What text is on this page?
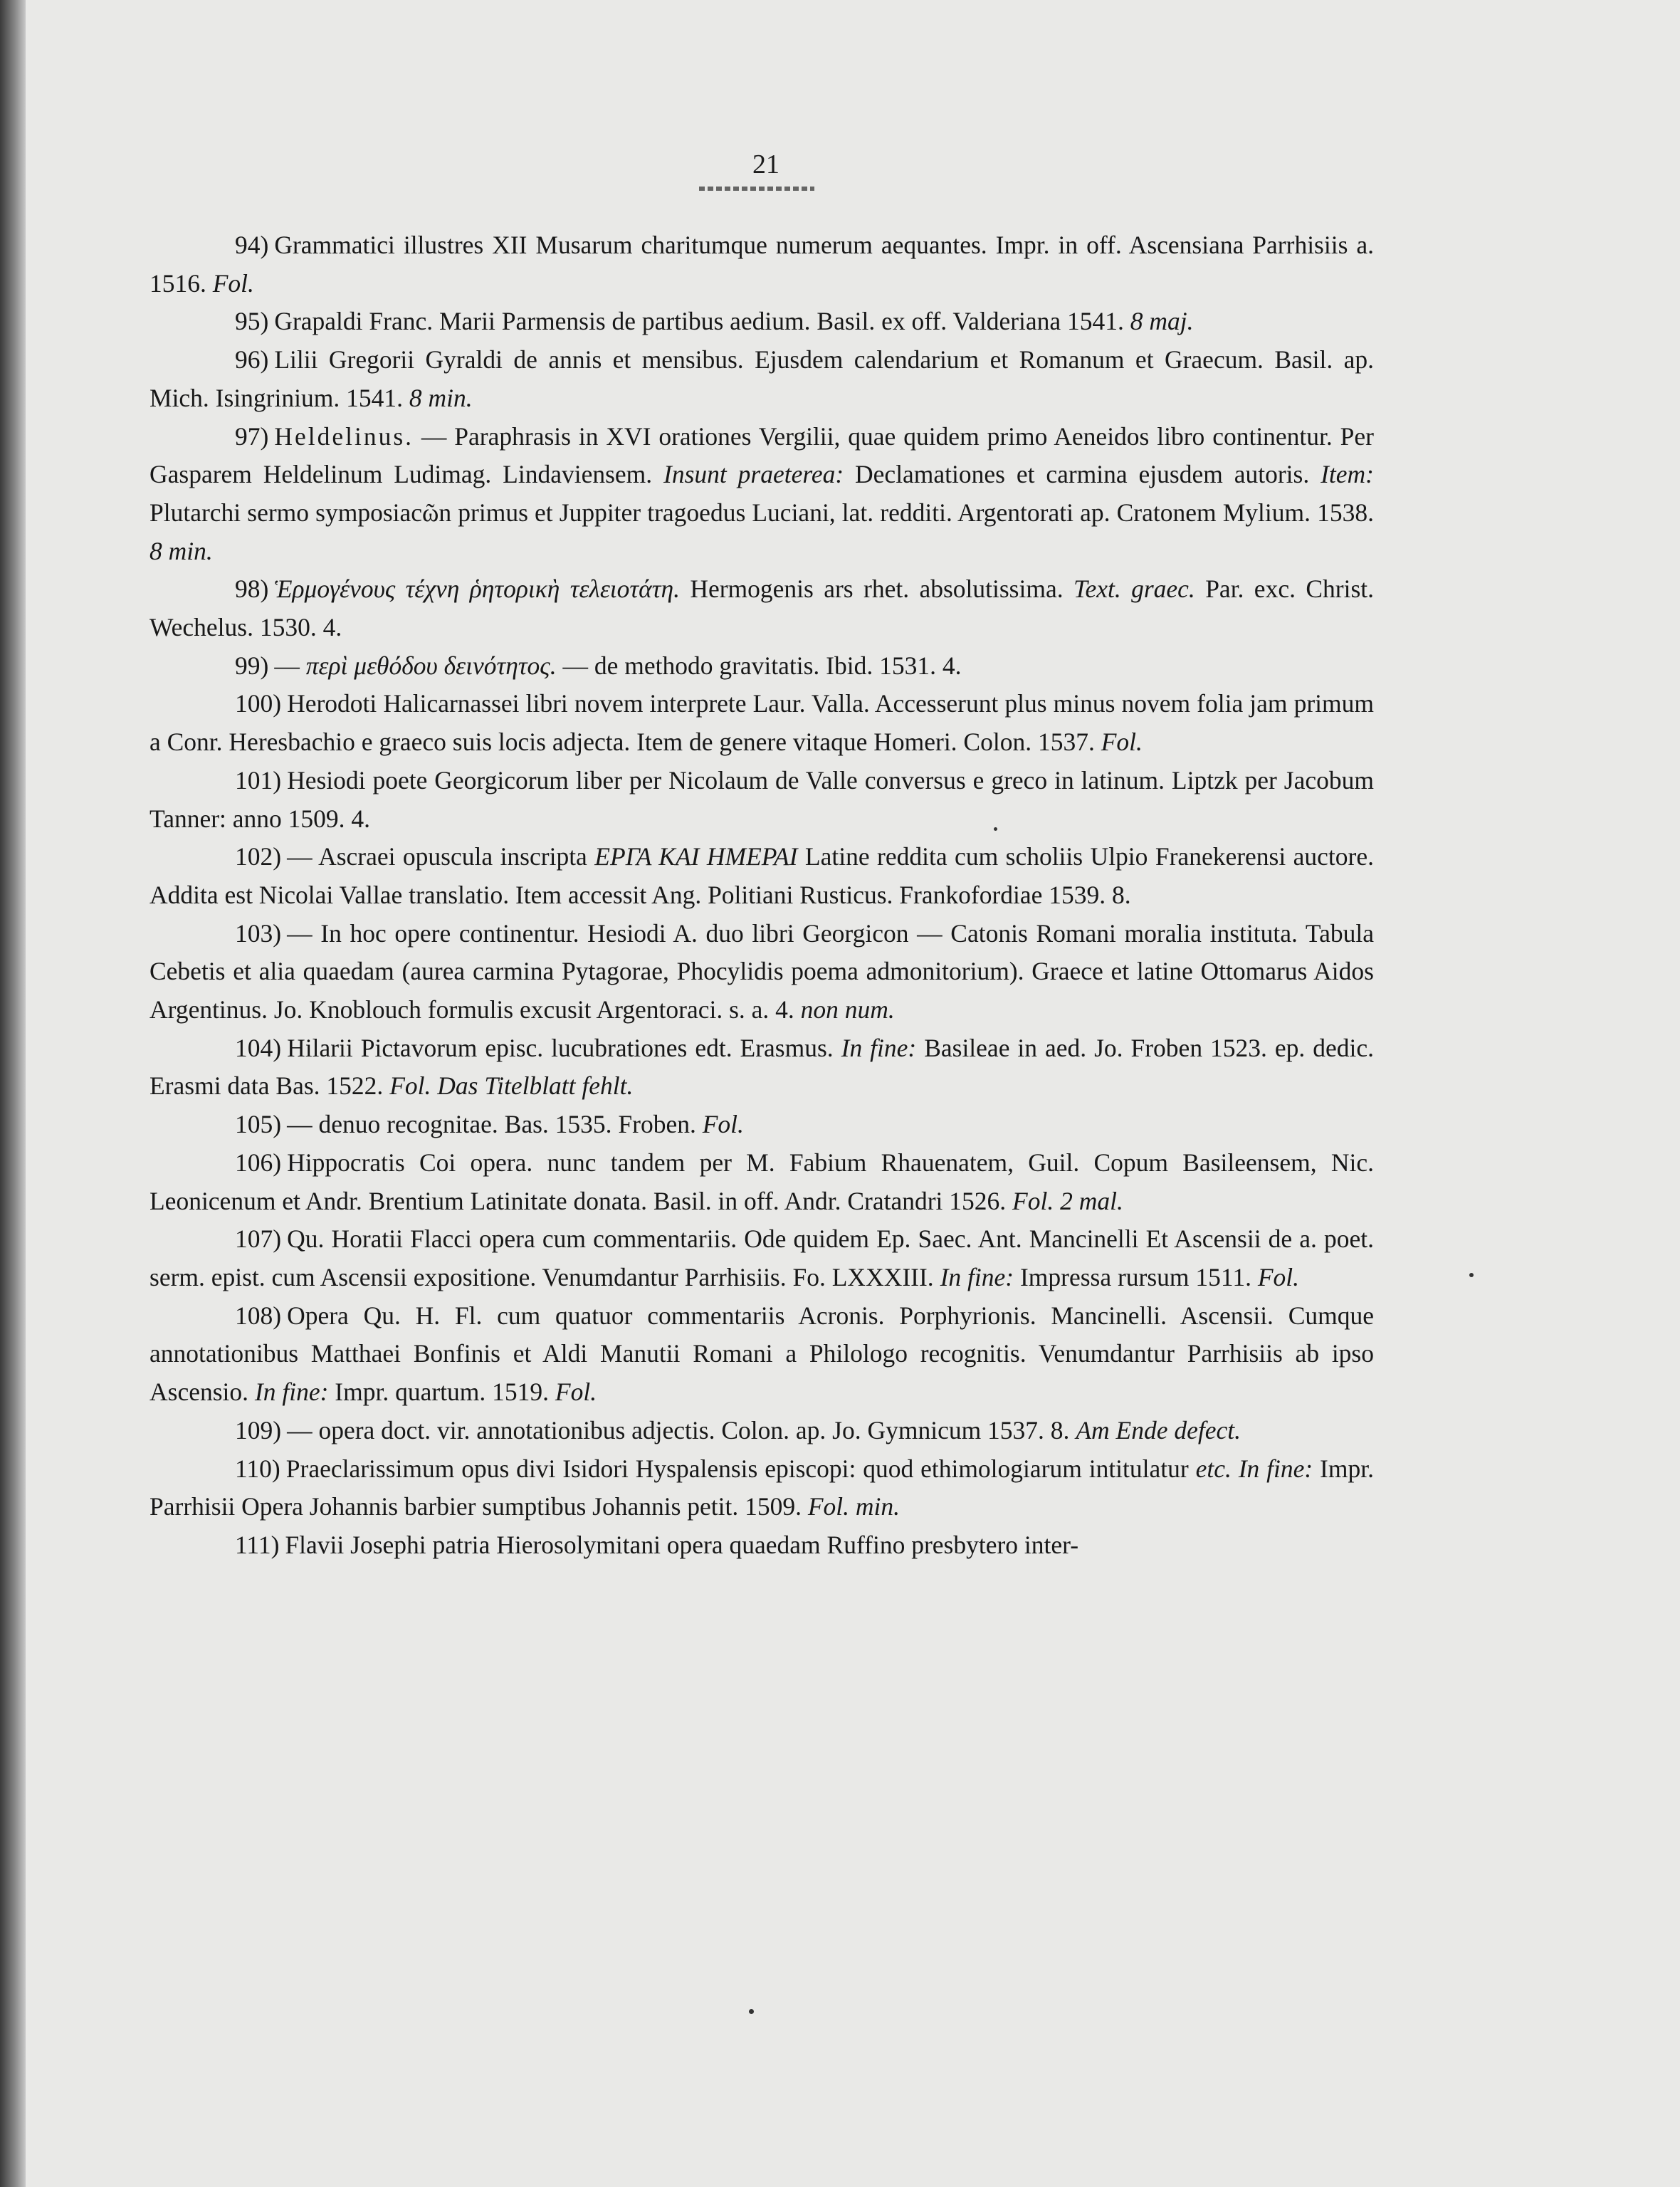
21

94) Grammatici illustres XII Musarum charitumque numerum aequantes. Impr. in off. Ascensiana Parrhisiis a. 1516. Fol.

95) Grapaldi Franc. Marii Parmensis de partibus aedium. Basil. ex off. Valderiana 1541. 8 maj.

96) Lilii Gregorii Gyraldi de annis et mensibus. Ejusdem calendarium et Romanum et Graecum. Basil. ap. Mich. Isingrinium. 1541. 8 min.

97) Heldelinus. — Paraphrasis in XVI orationes Vergilii, quae quidem primo Aeneidos libro continentur. Per Gasparem Heldelinum Ludimag. Lindaviensem. Insunt praeterea: Declamationes et carmina ejusdem autoris. Item: Plutarchi sermo symposiacῶn primus et Juppiter tragoedus Luciani, lat. redditi. Argentorati ap. Cratonem Mylium. 1538. 8 min.

98) Ἑρμογένους τέχνη ῥητορικὴ τελειοτάτη. Hermogenis ars rhet. absolutissima. Text. graec. Par. exc. Christ. Wechelus. 1530. 4.

99) — περὶ μεθόδου δεινότητος. — de methodo gravitatis. Ibid. 1531. 4.

100) Herodoti Halicarnassei libri novem interprete Laur. Valla. Accesserunt plus minus novem folia jam primum a Conr. Heresbachio e graeco suis locis adjecta. Item de genere vitaque Homeri. Colon. 1537. Fol.

101) Hesiodi poete Georgicorum liber per Nicolaum de Valle conversus e greco in latinum. Liptzk per Jacobum Tanner: anno 1509. 4.

102) — Ascraei opuscula inscripta ΕΡΓΑ ΚΑΙ ΗΜΕΡΑΙ Latine reddita cum scholiis Ulpio Franekerensi auctore. Addita est Nicolai Vallae translatio. Item accessit Ang. Politiani Rusticus. Frankofordiae 1539. 8.

103) — In hoc opere continentur. Hesiodi A. duo libri Georgicon — Catonis Romani moralia instituta. Tabula Cebetis et alia quaedam (aurea carmina Pytagorae, Phocylidis poema admonitorium). Graece et latine Ottomarus Aidos Argentinus. Jo. Knoblouch formulis excusit Argentoraci. s. a. 4. non num.

104) Hilarii Pictavorum episc. lucubrationes edt. Erasmus. In fine: Basileae in aed. Jo. Froben 1523. ep. dedic. Erasmi data Bas. 1522. Fol. Das Titelblatt fehlt.

105) — denuo recognitae. Bas. 1535. Froben. Fol.

106) Hippocratis Coi opera. nunc tandem per M. Fabium Rhauenatem, Guil. Copum Basileensem, Nic. Leonicenum et Andr. Brentium Latinitate donata. Basil. in off. Andr. Cratandri 1526. Fol. 2 mal.

107) Qu. Horatii Flacci opera cum commentariis. Ode quidem Ep. Saec. Ant. Mancinelli Et Ascensii de a. poet. serm. epist. cum Ascensii expositione. Venumdantur Parrhisiis. Fo. LXXXIII. In fine: Impressa rursum 1511. Fol.

108) Opera Qu. H. Fl. cum quatuor commentariis Acronis. Porphyrionis. Mancinelli. Ascensii. Cumque annotationibus Matthaei Bonfinis et Aldi Manutii Romani a Philologo recognitis. Venumdantur Parrhisiis ab ipso Ascensio. In fine: Impr. quartum. 1519. Fol.

109) — opera doct. vir. annotationibus adjectis. Colon. ap. Jo. Gymnicum 1537. 8. Am Ende defect.

110) Praeclarissimum opus divi Isidori Hyspalensis episcopi: quod ethimologiarum intitulatur etc. In fine: Impr. Parrhisii Opera Johannis barbier sumptibus Johannis petit. 1509. Fol. min.

111) Flavii Josephi patria Hierosolymitani opera quaedam Ruffino presbytero inter-
